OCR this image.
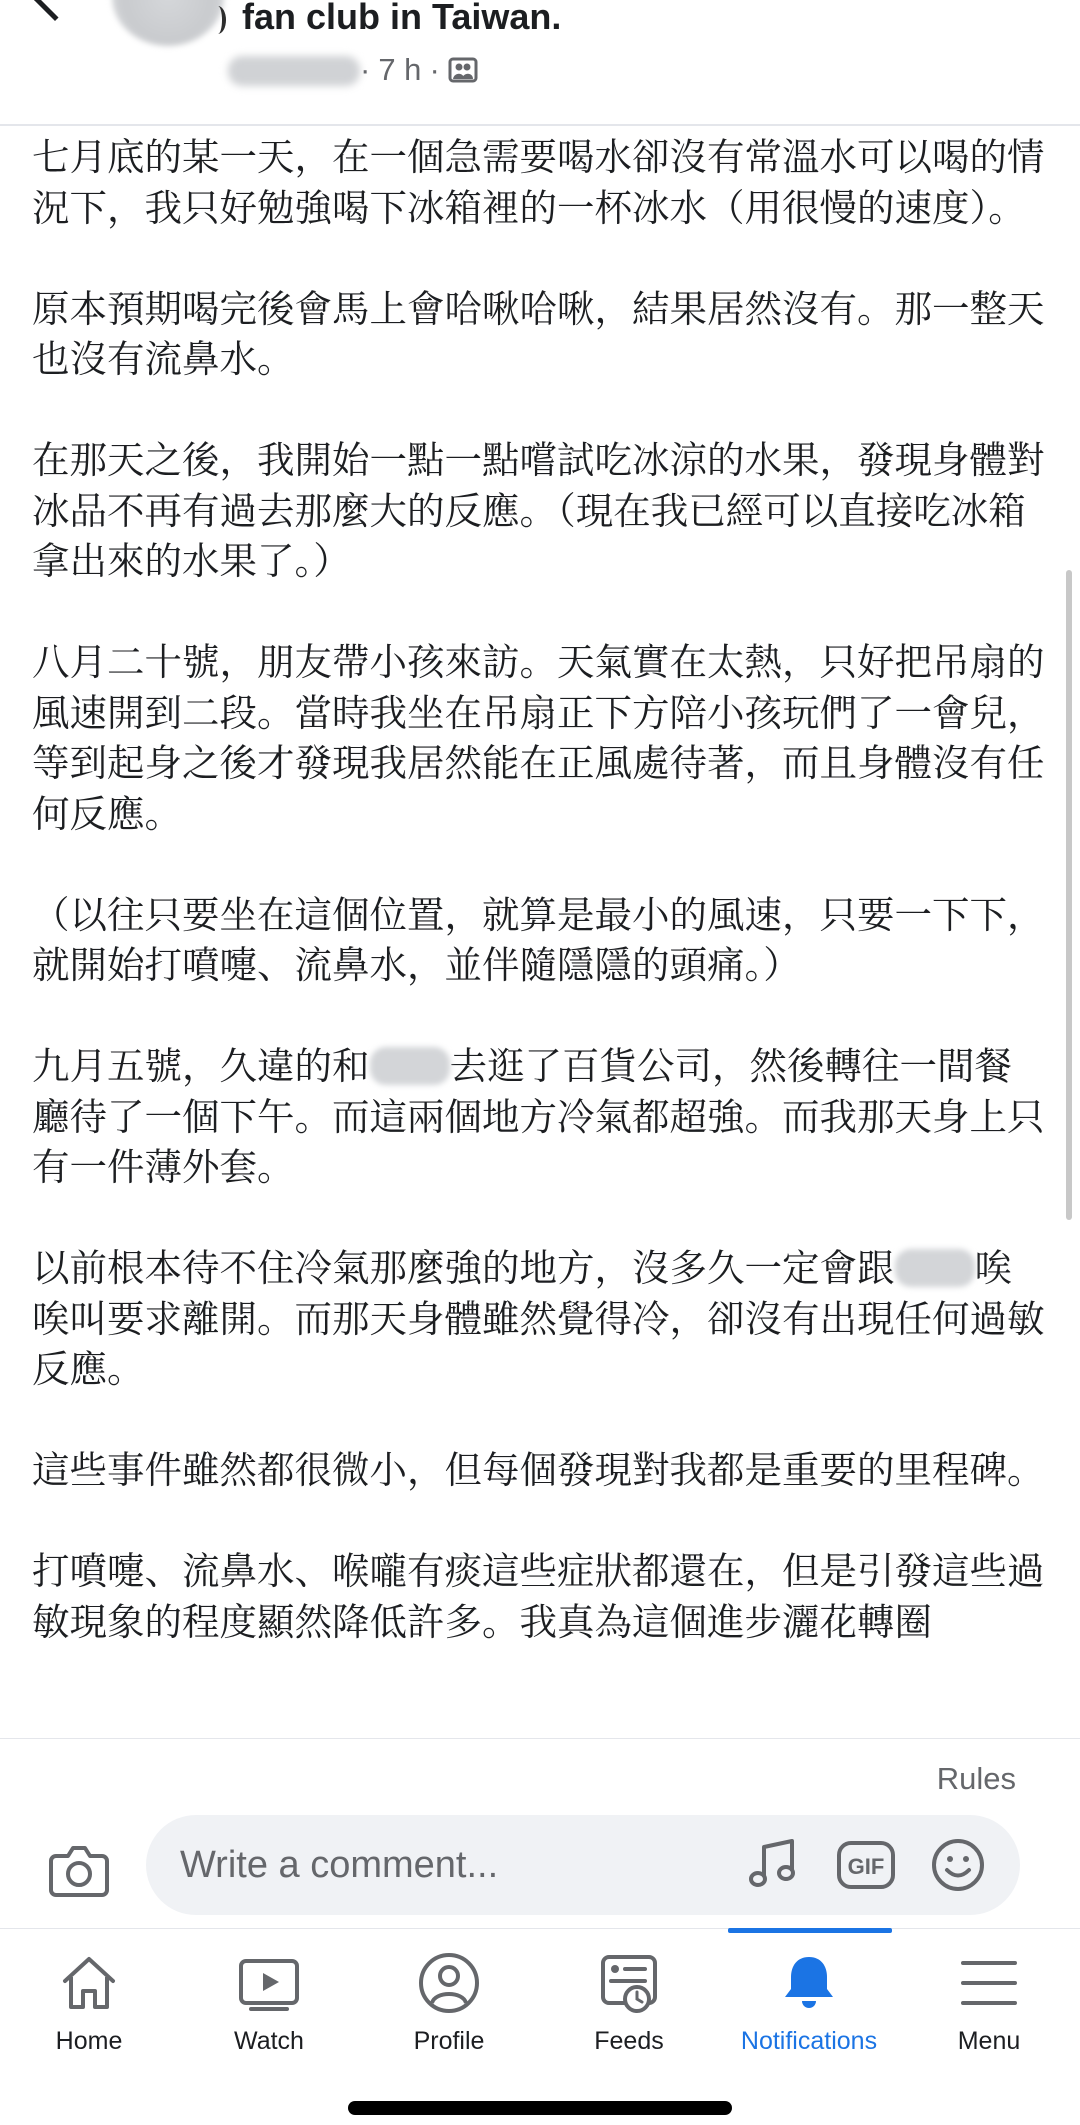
fan club in Taiwan.
· 7 h ·

七月底的某一天，在一個急需要喝水卻沒有常溫水可以喝的情況下，我只好勉強喝下冰箱裡的一杯冰水（用很慢的速度）。

原本預期喝完後會馬上會哈啾哈啾，結果居然沒有。那一整天也沒有流鼻水。

在那天之後，我開始一點一點嚐試吃冰涼的水果，發現身體對冰品不再有過去那麼大的反應。（現在我已經可以直接吃冰箱拿出來的水果了。）

八月二十號，朋友帶小孩來訪。天氣實在太熱，只好把吊扇的風速開到二段。當時我坐在吊扇正下方陪小孩玩們了一會兒，等到起身之後才發現我居然能在正風處待著，而且身體沒有任何反應。

（以往只要坐在這個位置，就算是最小的風速，只要一下下，就開始打噴嚏、流鼻水，並伴隨隱隱的頭痛。）

九月五號，久違的和 去逛了百貨公司，然後轉往一間餐廳待了一個下午。而這兩個地方冷氣都超強。而我那天身上只有一件薄外套。

以前根本待不住冷氣那麼強的地方，沒多久一定會跟 唉唉叫要求離開。而那天身體雖然覺得冷，卻沒有出現任何過敏反應。

這些事件雖然都很微小，但每個發現對我都是重要的里程碑。

打噴嚏、流鼻水、喉嚨有痰這些症狀都還在，但是引發這些過敏現象的程度顯然降低許多。我真為這個進步灑花轉圈

Rules
Write a comment...
GIF
Home	Watch	Profile	Feeds	Notifications	Menu
